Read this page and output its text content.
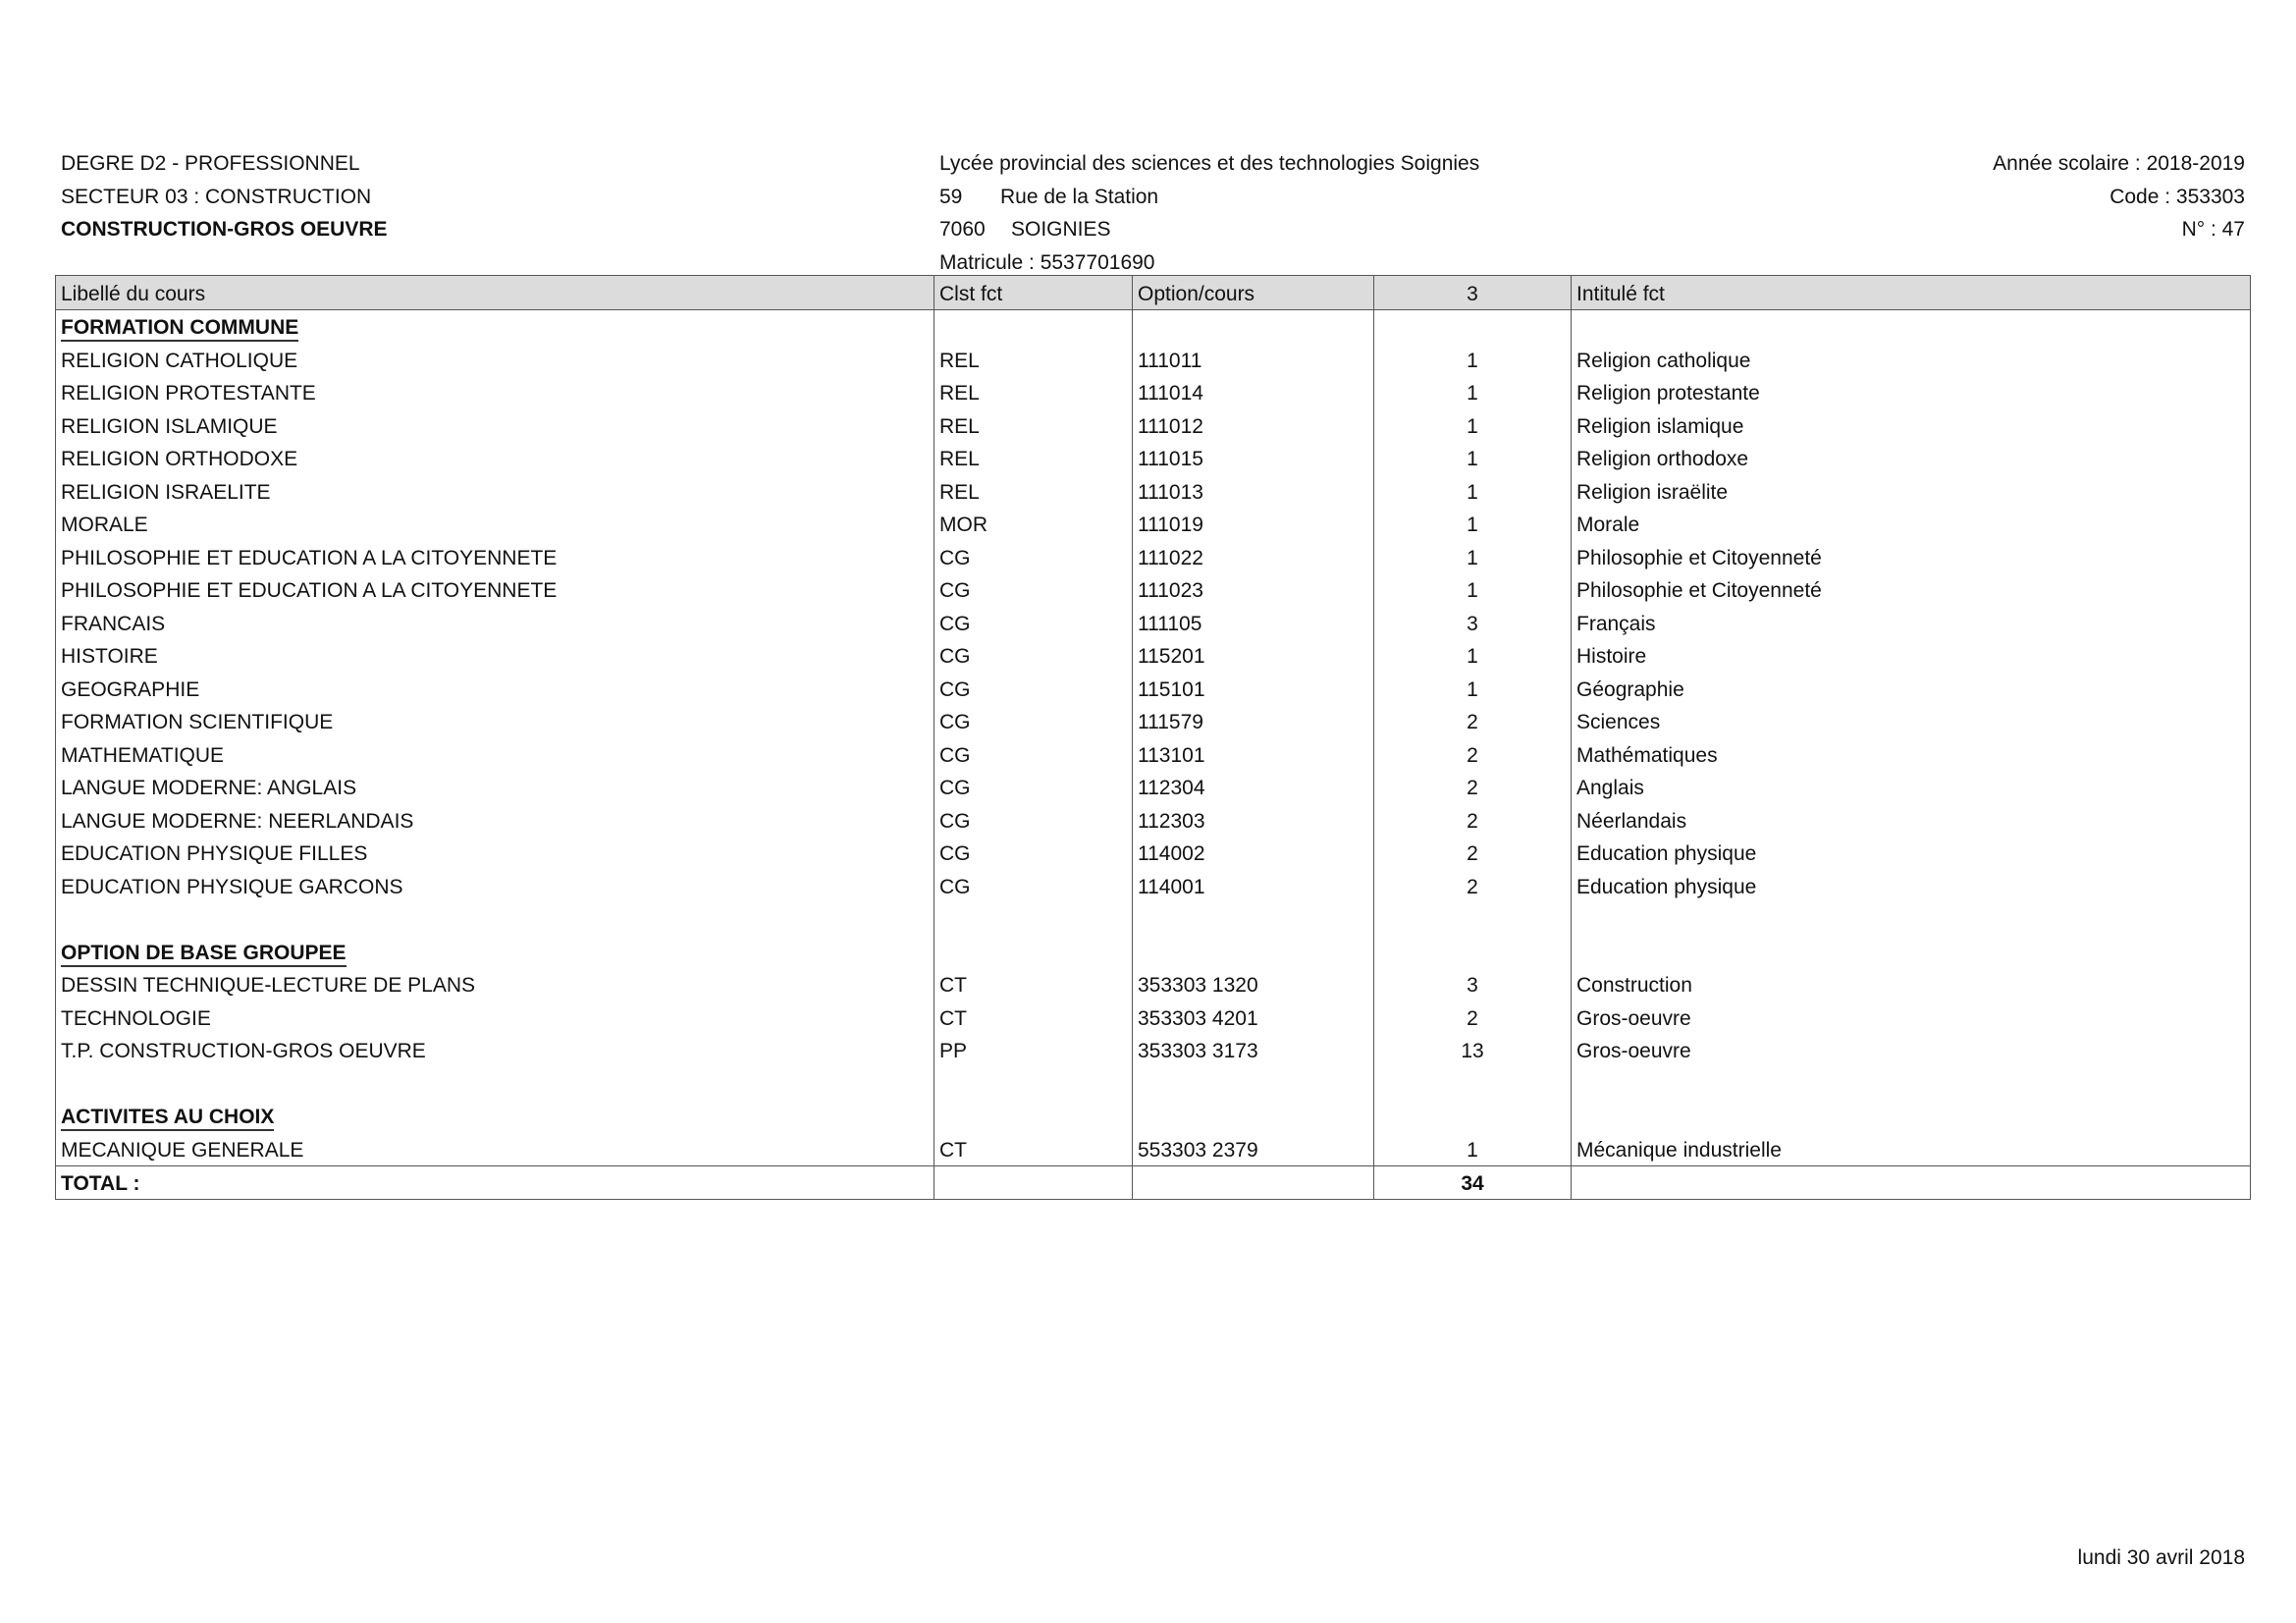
DEGRE D2 - PROFESSIONNEL
SECTEUR 03 : CONSTRUCTION
CONSTRUCTION-GROS OEUVRE
Lycée provincial des sciences et des technologies Soignies
59 Rue de la Station
7060 SOIGNIES
Matricule : 5537701690
Année scolaire : 2018-2019
Code : 353303
N° : 47
Libellé du cours	Clst fct	Option/cours	3	Intitulé fct
FORMATION COMMUNE				
RELIGION CATHOLIQUE	REL	111011	1	Religion catholique
RELIGION PROTESTANTE	REL	111014	1	Religion protestante
RELIGION ISLAMIQUE	REL	111012	1	Religion islamique
RELIGION ORTHODOXE	REL	111015	1	Religion orthodoxe
RELIGION ISRAELITE	REL	111013	1	Religion israëlite
MORALE	MOR	111019	1	Morale
PHILOSOPHIE ET EDUCATION A LA CITOYENNETE	CG	111022	1	Philosophie et Citoyenneté
PHILOSOPHIE ET EDUCATION A LA CITOYENNETE	CG	111023	1	Philosophie et Citoyenneté
FRANCAIS	CG	111105	3	Français
HISTOIRE	CG	115201	1	Histoire
GEOGRAPHIE	CG	115101	1	Géographie
FORMATION SCIENTIFIQUE	CG	111579	2	Sciences
MATHEMATIQUE	CG	113101	2	Mathématiques
LANGUE MODERNE: ANGLAIS	CG	112304	2	Anglais
LANGUE MODERNE: NEERLANDAIS	CG	112303	2	Néerlandais
EDUCATION PHYSIQUE FILLES	CG	114002	2	Education physique
EDUCATION PHYSIQUE GARCONS	CG	114001	2	Education physique

OPTION DE BASE GROUPEE				
DESSIN TECHNIQUE-LECTURE DE PLANS	CT	353303 1320	3	Construction
TECHNOLOGIE	CT	353303 4201	2	Gros-oeuvre
T.P. CONSTRUCTION-GROS OEUVRE	PP	353303 3173	13	Gros-oeuvre

ACTIVITES AU CHOIX				
MECANIQUE GENERALE	CT	553303 2379	1	Mécanique industrielle
TOTAL :			34	
lundi 30 avril 2018
